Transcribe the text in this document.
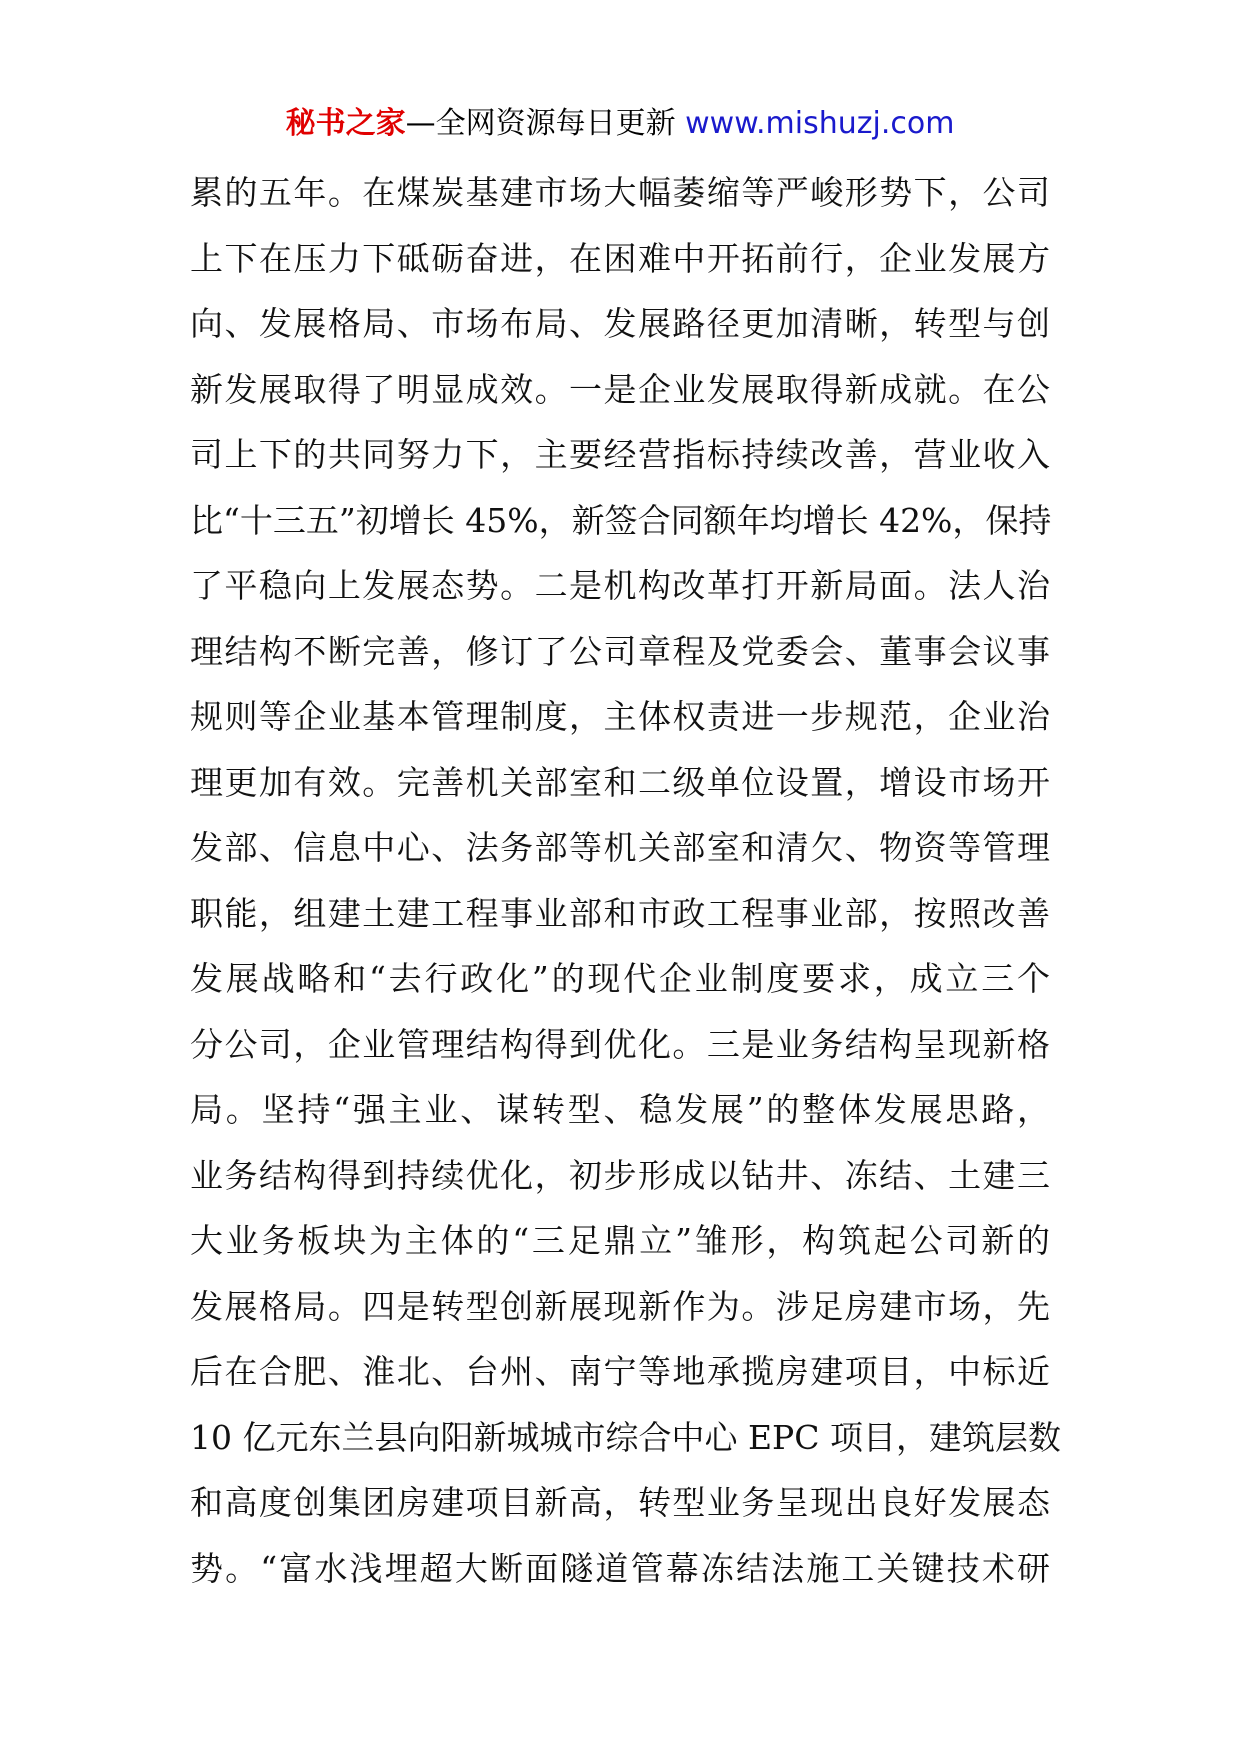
秘书之家—全网资源每日更新 www.mishuzj.com
累的五年。在煤炭基建市场大幅萎缩等严峻形势下，公司
上下在压力下砥砺奋进，在困难中开拓前行，企业发展方
向、发展格局、市场布局、发展路径更加清晰，转型与创
新发展取得了明显成效。一是企业发展取得新成就。在公
司上下的共同努力下，主要经营指标持续改善，营业收入
比“十三五”初增长 45%，新签合同额年均增长 42%，保持
了平稳向上发展态势。二是机构改革打开新局面。法人治
理结构不断完善，修订了公司章程及党委会、董事会议事
规则等企业基本管理制度，主体权责进一步规范，企业治
理更加有效。完善机关部室和二级单位设置，增设市场开
发部、信息中心、法务部等机关部室和清欠、物资等管理
职能，组建土建工程事业部和市政工程事业部，按照改善
发展战略和“去行政化”的现代企业制度要求，成立三个
分公司，企业管理结构得到优化。三是业务结构呈现新格
局。坚持“强主业、谋转型、稳发展”的整体发展思路，
业务结构得到持续优化，初步形成以钻井、冻结、土建三
大业务板块为主体的“三足鼎立”雏形，构筑起公司新的
发展格局。四是转型创新展现新作为。涉足房建市场，先
后在合肥、淮北、台州、南宁等地承揽房建项目，中标近
10 亿元东兰县向阳新城城市综合中心 EPC 项目，建筑层数
和高度创集团房建项目新高，转型业务呈现出良好发展态
势。“富水浅埋超大断面隧道管幕冻结法施工关键技术研
